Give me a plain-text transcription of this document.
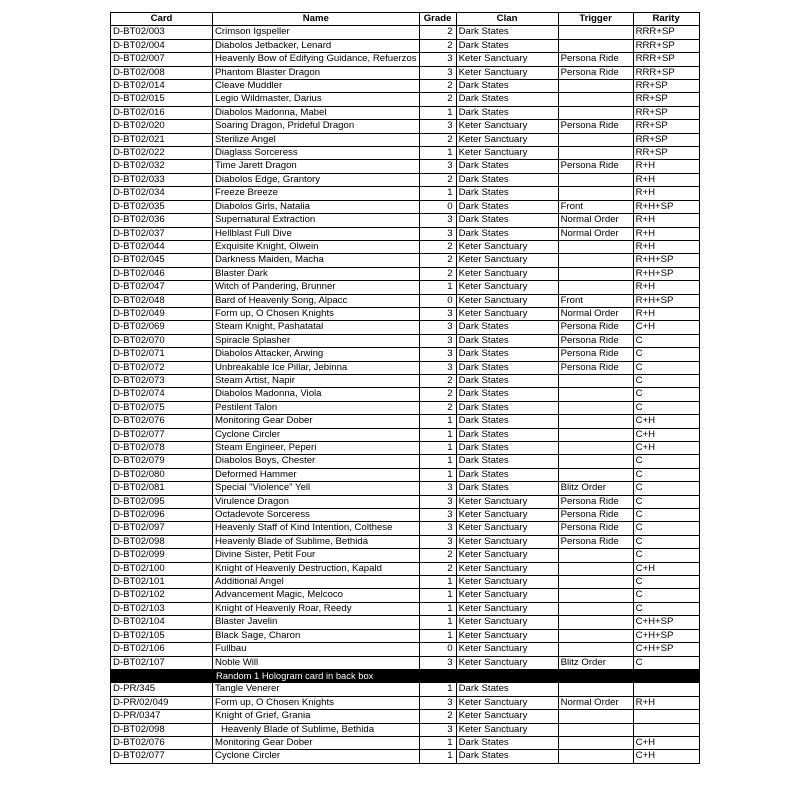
Card	Name	Grade	Clan	Trigger	Rarity
D-BT02/003	Crimson Igspeller	2	Dark States		RRR+SP
D-BT02/004	Diabolos Jetbacker, Lenard	2	Dark States		RRR+SP
D-BT02/007	Heavenly Bow of Edifying Guidance, Refuerzos	3	Keter Sanctuary	Persona Ride	RRR+SP
D-BT02/008	Phantom Blaster Dragon	3	Keter Sanctuary	Persona Ride	RRR+SP
D-BT02/014	Cleave Muddler	2	Dark States		RR+SP
D-BT02/015	Legio Wildmaster, Darius	2	Dark States		RR+SP
D-BT02/016	Diabolos Madonna, Mabel	1	Dark States		RR+SP
D-BT02/020	Soaring Dragon, Prideful Dragon	3	Keter Sanctuary	Persona Ride	RR+SP
D-BT02/021	Sterilize Angel	2	Keter Sanctuary		RR+SP
D-BT02/022	Diaglass Sorceress	1	Keter Sanctuary		RR+SP
D-BT02/032	Time Jarett Dragon	3	Dark States	Persona Ride	R+H
D-BT02/033	Diabolos Edge, Grantory	2	Dark States		R+H
D-BT02/034	Freeze Breeze	1	Dark States		R+H
D-BT02/035	Diabolos Girls, Natalia	0	Dark States	Front	R+H+SP
D-BT02/036	Supernatural Extraction	3	Dark States	Normal Order	R+H
D-BT02/037	Hellblast Full Dive	3	Dark States	Normal Order	R+H
D-BT02/044	Exquisite Knight, Olwein	2	Keter Sanctuary		R+H
D-BT02/045	Darkness Maiden, Macha	2	Keter Sanctuary		R+H+SP
D-BT02/046	Blaster Dark	2	Keter Sanctuary		R+H+SP
D-BT02/047	Witch of Pandering, Brunner	1	Keter Sanctuary		R+H
D-BT02/048	Bard of Heavenly Song, Alpacc	0	Keter Sanctuary	Front	R+H+SP
D-BT02/049	Form up, O Chosen Knights	3	Keter Sanctuary	Normal Order	R+H
D-BT02/069	Steam Knight, Pashatatal	3	Dark States	Persona Ride	C+H
D-BT02/070	Spiracle Splasher	3	Dark States	Persona Ride	C
D-BT02/071	Diabolos Attacker, Arwing	3	Dark States	Persona Ride	C
D-BT02/072	Unbreakable Ice Pillar, Jebinna	3	Dark States	Persona Ride	C
D-BT02/073	Steam Artist, Napir	2	Dark States		C
D-BT02/074	Diabolos Madonna, Viola	2	Dark States		C
D-BT02/075	Pestilent Talon	2	Dark States		C
D-BT02/076	Monitoring Gear Dober	1	Dark States		C+H
D-BT02/077	Cyclone Circler	1	Dark States		C+H
D-BT02/078	Steam Engineer, Peperi	1	Dark States		C+H
D-BT02/079	Diabolos Boys, Chester	1	Dark States		C
D-BT02/080	Deformed Hammer	1	Dark States		C
D-BT02/081	Special "Violence" Yell	3	Dark States	Blitz Order	C
D-BT02/095	Virulence Dragon	3	Keter Sanctuary	Persona Ride	C
D-BT02/096	Octadevote Sorceress	3	Keter Sanctuary	Persona Ride	C
D-BT02/097	Heavenly Staff of Kind Intention, Colthese	3	Keter Sanctuary	Persona Ride	C
D-BT02/098	Heavenly Blade of Sublime, Bethida	3	Keter Sanctuary	Persona Ride	C
D-BT02/099	Divine Sister, Petit Four	2	Keter Sanctuary		C
D-BT02/100	Knight of Heavenly Destruction, Kapald	2	Keter Sanctuary		C+H
D-BT02/101	Additional Angel	1	Keter Sanctuary		C
D-BT02/102	Advancement Magic, Melcoco	1	Keter Sanctuary		C
D-BT02/103	Knight of Heavenly Roar, Reedy	1	Keter Sanctuary		C
D-BT02/104	Blaster Javelin	1	Keter Sanctuary		C+H+SP
D-BT02/105	Black Sage, Charon	1	Keter Sanctuary		C+H+SP
D-BT02/106	Fullbau	0	Keter Sanctuary		C+H+SP
D-BT02/107	Noble Will	3	Keter Sanctuary	Blitz Order	C
Random 1 Hologram card in back box					
D-PR/345	Tangle Venerer	1	Dark States		
D-PR/02/049	Form up, O Chosen Knights	3	Keter Sanctuary	Normal Order	R+H
D-PR/0347	Knight of Grief, Grania	2	Keter Sanctuary		
D-BT02/098	Heavenly Blade of Sublime, Bethida	3	Keter Sanctuary		
D-BT02/076	Monitoring Gear Dober	1	Dark States		C+H
D-BT02/077	Cyclone Circler	1	Dark States		C+H
